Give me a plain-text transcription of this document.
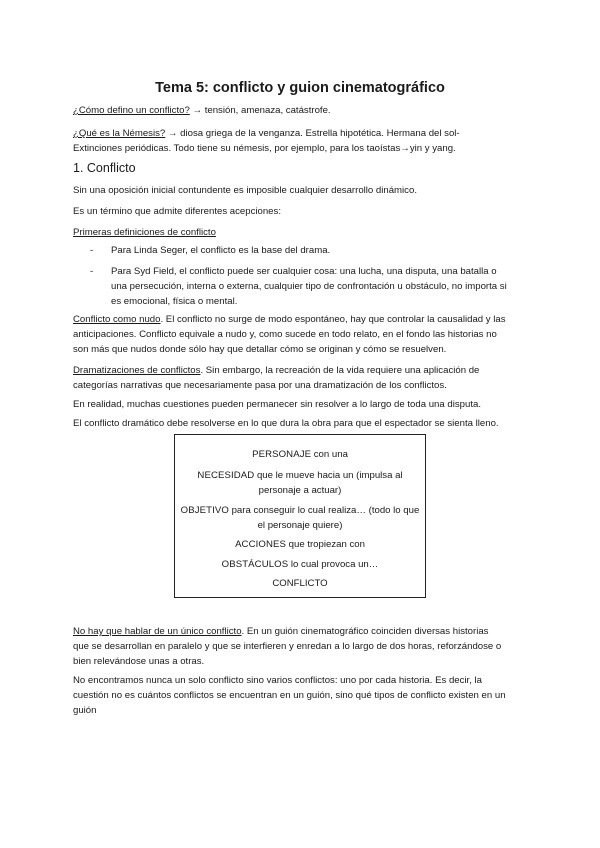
Tema 5: conflicto y guion cinematográfico

¿Cómo defino un conflicto? → tensión, amenaza, catástrofe.

¿Qué es la Némesis? → diosa griega de la venganza. Estrella hipotética. Hermana del sol-

Extinciones periódicas. Todo tiene su némesis, por ejemplo, para los taoístas→yin y yang.

1. Conflicto

Sin una oposición inicial contundente es imposible cualquier desarrollo dinámico.

Es un término que admite diferentes acepciones:

Primeras definiciones de conflicto

- Para Linda Seger, el conflicto es la base del drama.
- Para Syd Field, el conflicto puede ser cualquier cosa: una lucha, una disputa, una batalla o
una persecución, interna o externa, cualquier tipo de confrontación u obstáculo, no importa si
es emocional, física o mental.

Conflicto como nudo. El conflicto no surge de modo espontáneo, hay que controlar la causalidad y las

anticipaciones. Conflicto equivale a nudo y, como sucede en todo relato, en el fondo las historias no

son más que nudos donde sólo hay que detallar cómo se originan y cómo se resuelven.

Dramatizaciones de conflictos. Sin embargo, la recreación de la vida requiere una aplicación de

categorías narrativas que necesariamente pasa por una dramatización de los conflictos.

En realidad, muchas cuestiones pueden permanecer sin resolver a lo largo de toda una disputa.

El conflicto dramático debe resolverse en lo que dura la obra para que el espectador se sienta lleno.

PERSONAJE con una
NECESIDAD que le mueve hacia un (impulsa al
personaje a actuar)
OBJETIVO para conseguir lo cual realiza… (todo lo que
el personaje quiere)
ACCIONES que tropiezan con
OBSTÁCULOS lo cual provoca un…
CONFLICTO

No hay que hablar de un único conflicto. En un guión cinematográfico coinciden diversas historias

que se desarrollan en paralelo y que se interfieren y enredan a lo largo de dos horas, reforzándose o

bien relevándose unas a otras.

No encontramos nunca un solo conflicto sino varios conflictos: uno por cada historia. Es decir, la

cuestión no es cuántos conflictos se encuentran en un guión, sino qué tipos de conflicto existen en un

guión
